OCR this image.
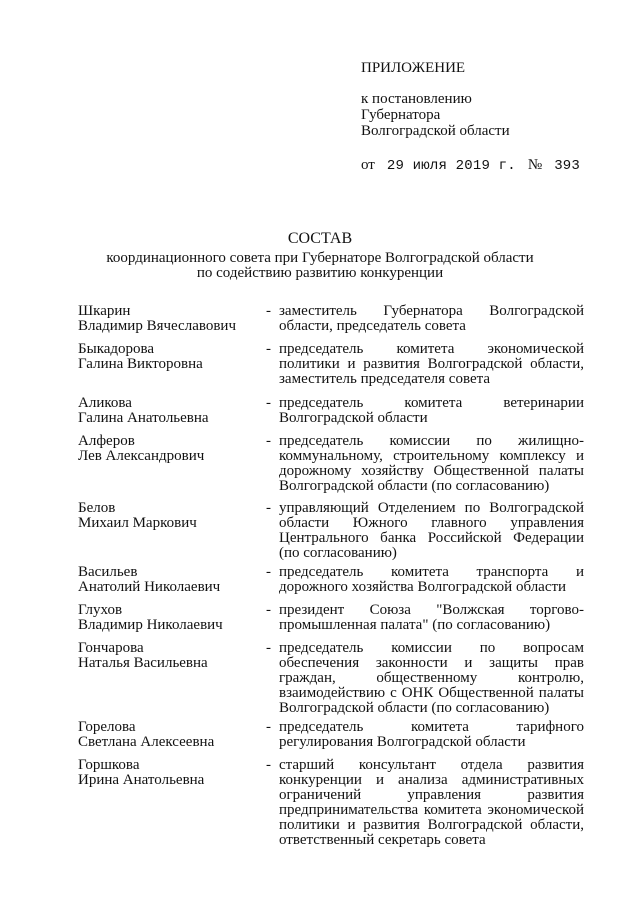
ПРИЛОЖЕНИЕ
к постановлению
Губернатора
Волгоградской области
от 29 июля 2019 г. № 393
СОСТАВ
координационного совета при Губернаторе Волгоградской области
по содействию развитию конкуренции
Шкарин
Владимир Вячеславович
- заместитель Губернатора Волгоградской области, председатель совета
Быкадорова
Галина Викторовна
- председатель комитета экономической политики и развития Волгоградской области, заместитель председателя совета
Аликова
Галина Анатольевна
- председатель комитета ветеринарии Волгоградской области
Алферов
Лев Александрович
- председатель комиссии по жилищно-коммунальному, строительному комплексу и дорожному хозяйству Общественной палаты Волгоградской области (по согласованию)
Белов
Михаил Маркович
- управляющий Отделением по Волгоградской области Южного главного управления Центрального банка Российской Федерации (по согласованию)
Васильев
Анатолий Николаевич
- председатель комитета транспорта и дорожного хозяйства Волгоградской области
Глухов
Владимир Николаевич
- президент Союза "Волжская торгово-промышленная палата" (по согласованию)
Гончарова
Наталья Васильевна
- председатель комиссии по вопросам обеспечения законности и защиты прав граждан, общественному контролю, взаимодействию с ОНК Общественной палаты Волгоградской области (по согласованию)
Горелова
Светлана Алексеевна
- председатель комитета тарифного регулирования Волгоградской области
Горшкова
Ирина Анатольевна
- старший консультант отдела развития конкуренции и анализа административных ограничений управления развития предпринимательства комитета экономической политики и развития Волгоградской области, ответственный секретарь совета
